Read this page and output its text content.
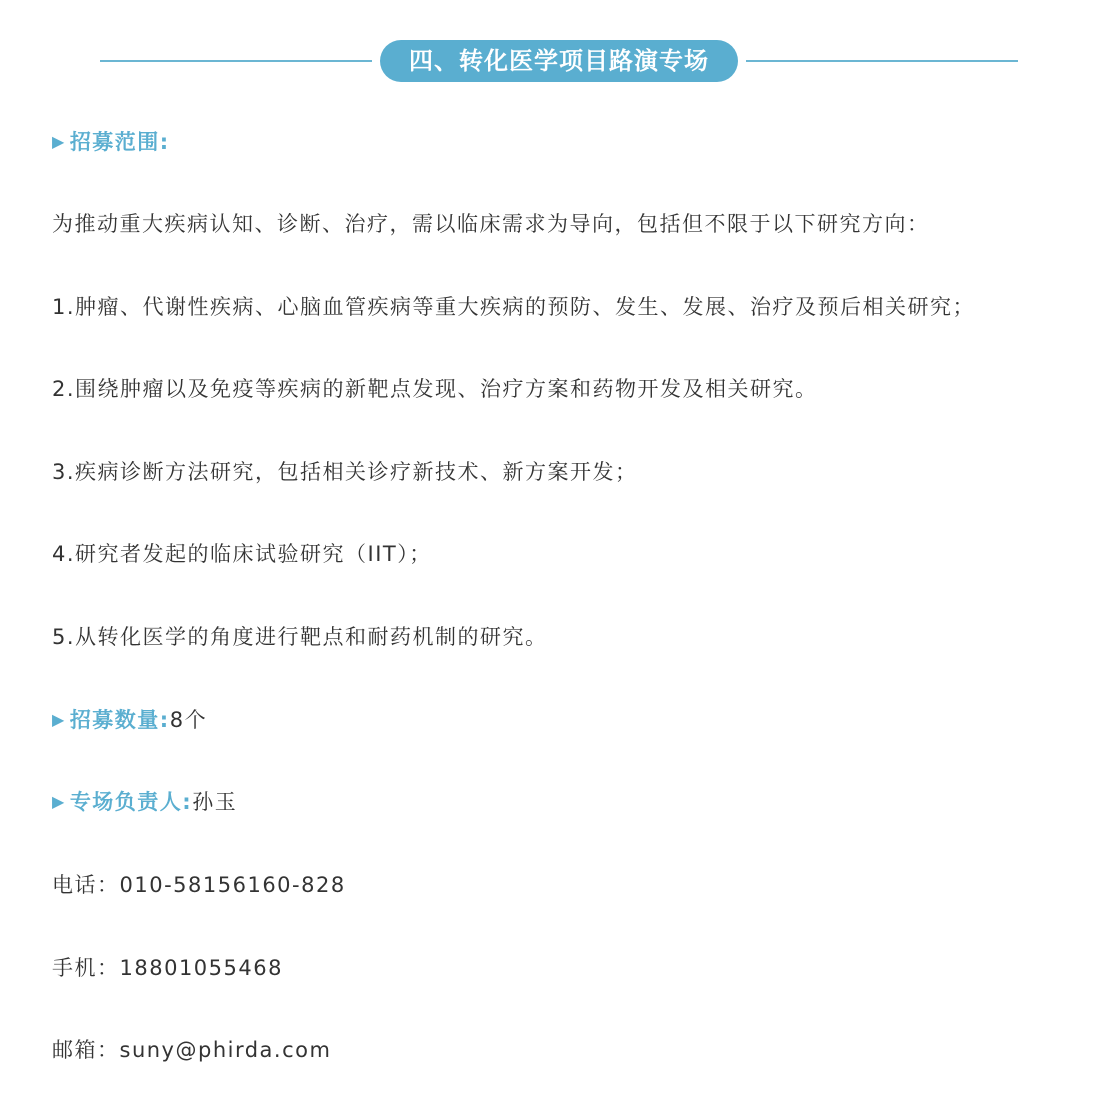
四、转化医学项目路演专场
▶ 招募范围:
为推动重大疾病认知、诊断、治疗，需以临床需求为导向，包括但不限于以下研究方向：
1.肿瘤、代谢性疾病、心脑血管疾病等重大疾病的预防、发生、发展、治疗及预后相关研究；
2.围绕肿瘤以及免疫等疾病的新靶点发现、治疗方案和药物开发及相关研究。
3.疾病诊断方法研究，包括相关诊疗新技术、新方案开发；
4.研究者发起的临床试验研究（IIT）；
5.从转化医学的角度进行靶点和耐药机制的研究。
▶ 招募数量:8个
▶ 专场负责人:孙玉
电话：010-58156160-828
手机：18801055468
邮箱：suny@phirda.com
